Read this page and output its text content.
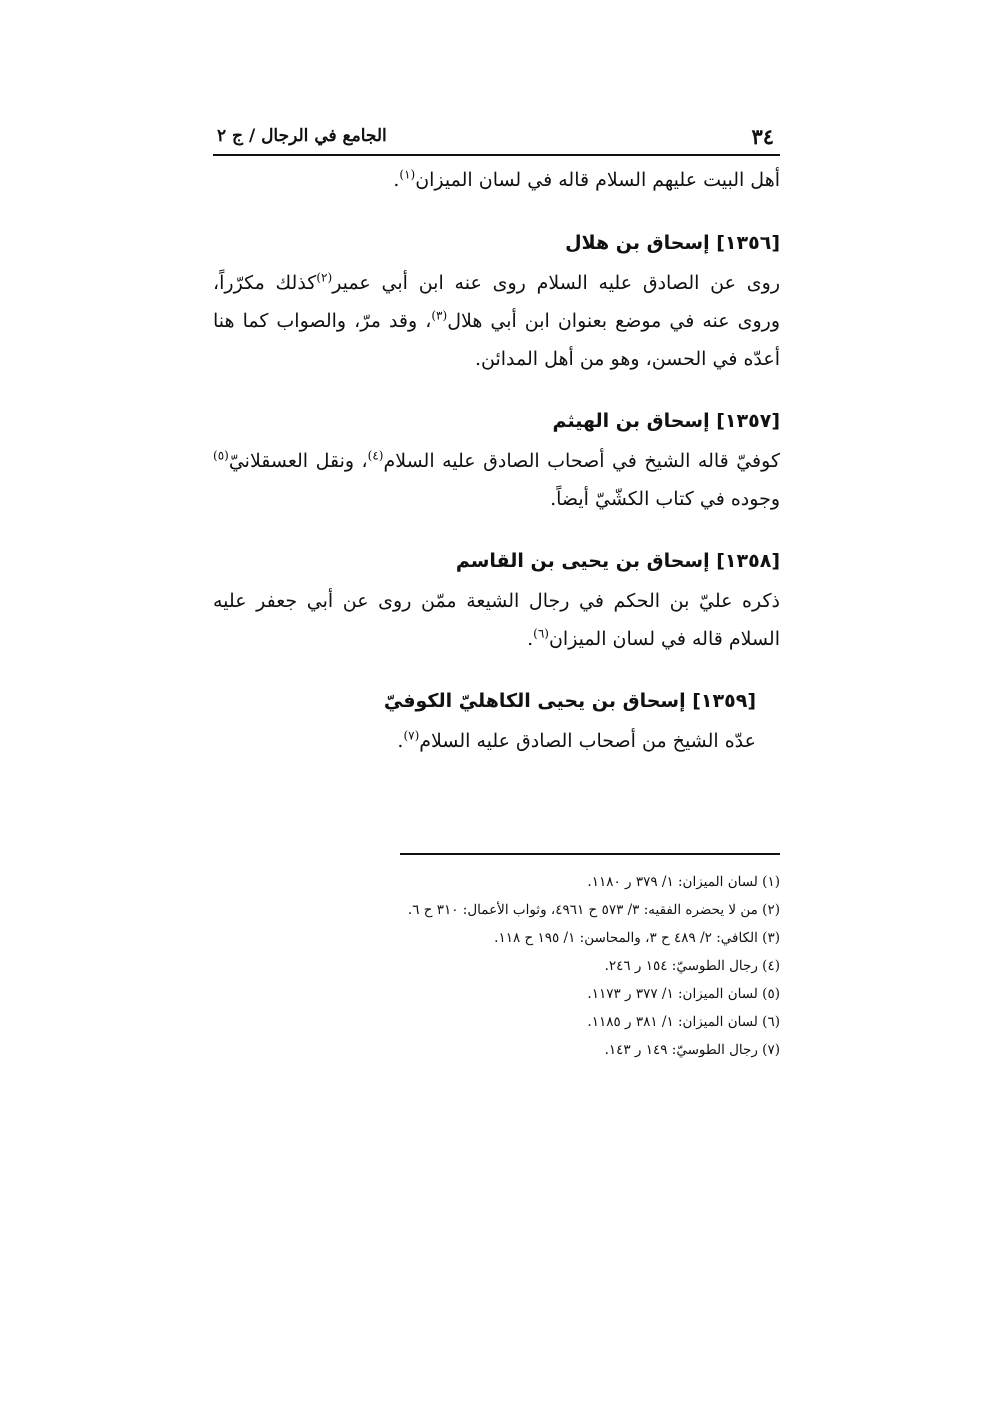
٣٤
الجامع في الرجال / ج ٢

أهل البيت عليهم السلام قاله في لسان الميزان$^{(١)}$.

[١٣٥٦] إسحاق بن هلال

روى عن الصادق عليه السلام روى عنه ابن أبي عمير$^{(٢)}$كذلك مكرّراً، وروى عنه في موضع بعنوان ابن أبي هلال$^{(٣)}$، وقد مرّ، والصواب كما هنا أعدّه في الحسن، وهو من أهل المدائن.

[١٣٥٧] إسحاق بن الهيثم

كوفيّ قاله الشيخ في أصحاب الصادق عليه السلام$^{(٤)}$، ونقل العسقلانيّ$^{(٥)}$ وجوده في كتاب الكشّيّ أيضاً.

[١٣٥٨] إسحاق بن يحيى بن القاسم

ذكره عليّ بن الحكم في رجال الشيعة ممّن روى عن أبي جعفر عليه السلام قاله في لسان الميزان$^{(٦)}$.

[١٣٥٩] إسحاق بن يحيى الكاهليّ الكوفيّ

عدّه الشيخ من أصحاب الصادق عليه السلام$^{(٧)}$.

(١) لسان الميزان: ١/ ٣٧٩ ر ١١٨٠.

(٢) من لا يحضره الفقيه: ٣/ ٥٧٣ ح ٤٩٦١، وثواب الأعمال: ٣١٠ ح ٦.

(٣) الكافي: ٢/ ٤٨٩ ح ٣، والمحاسن: ١/ ١٩٥ ح ١١٨.

(٤) رجال الطوسيّ: ١٥٤ ر ٢٤٦.

(٥) لسان الميزان: ١/ ٣٧٧ ر ١١٧٣.

(٦) لسان الميزان: ١/ ٣٨١ ر ١١٨٥.

(٧) رجال الطوسيّ: ١٤٩ ر ١٤٣.
